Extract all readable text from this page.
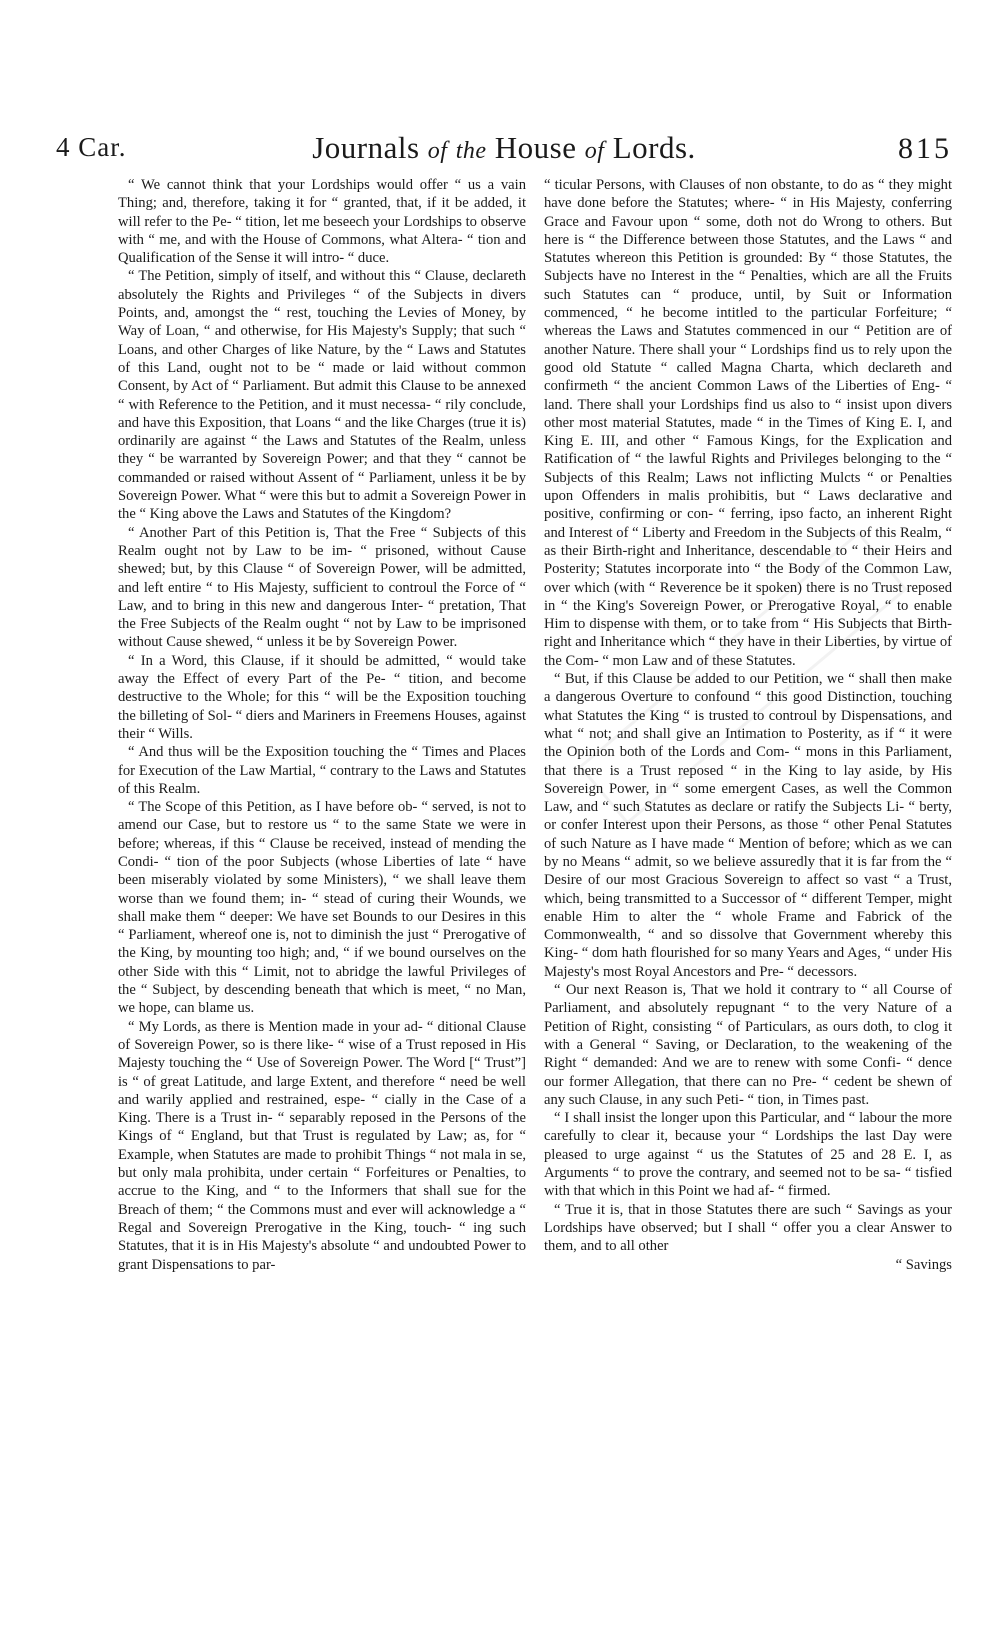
4 Car.	Journals of the House of Lords.	815

“ We cannot think that your Lordships would offer “ us a vain Thing; and, therefore, taking it for “ granted, that, if it be added, it will refer to the Pe- “ tition, let me beseech your Lordships to observe with “ me, and with the House of Commons, what Altera- “ tion and Qualification of the Sense it will intro- “ duce.

“ The Petition, simply of itself, and without this “ Clause, declareth absolutely the Rights and Privileges “ of the Subjects in divers Points, and, amongst the “ rest, touching the Levies of Money, by Way of Loan, “ and otherwise, for His Majesty's Supply; that such “ Loans, and other Charges of like Nature, by the “ Laws and Statutes of this Land, ought not to be “ made or laid without common Consent, by Act of “ Parliament. But admit this Clause to be annexed “ with Reference to the Petition, and it must necessa- “ rily conclude, and have this Exposition, that Loans “ and the like Charges (true it is) ordinarily are against “ the Laws and Statutes of the Realm, unless they “ be warranted by Sovereign Power; and that they “ cannot be commanded or raised without Assent of “ Parliament, unless it be by Sovereign Power. What “ were this but to admit a Sovereign Power in the “ King above the Laws and Statutes of the Kingdom?

“ Another Part of this Petition is, That the Free “ Subjects of this Realm ought not by Law to be im- “ prisoned, without Cause shewed; but, by this Clause “ of Sovereign Power, will be admitted, and left entire “ to His Majesty, sufficient to controul the Force of “ Law, and to bring in this new and dangerous Inter- “ pretation, That the Free Subjects of the Realm ought “ not by Law to be imprisoned without Cause shewed, “ unless it be by Sovereign Power.

“ In a Word, this Clause, if it should be admitted, “ would take away the Effect of every Part of the Pe- “ tition, and become destructive to the Whole; for this “ will be the Exposition touching the billeting of Sol- “ diers and Mariners in Freemens Houses, against their “ Wills.

“ And thus will be the Exposition touching the “ Times and Places for Execution of the Law Martial, “ contrary to the Laws and Statutes of this Realm.

“ The Scope of this Petition, as I have before ob- “ served, is not to amend our Case, but to restore us “ to the same State we were in before; whereas, if this “ Clause be received, instead of mending the Condi- “ tion of the poor Subjects (whose Liberties of late “ have been miserably violated by some Ministers), “ we shall leave them worse than we found them; in- “ stead of curing their Wounds, we shall make them “ deeper: We have set Bounds to our Desires in this “ Parliament, whereof one is, not to diminish the just “ Prerogative of the King, by mounting too high; and, “ if we bound ourselves on the other Side with this “ Limit, not to abridge the lawful Privileges of the “ Subject, by descending beneath that which is meet, “ no Man, we hope, can blame us.

“ My Lords, as there is Mention made in your ad- “ ditional Clause of Sovereign Power, so is there like- “ wise of a Trust reposed in His Majesty touching the “ Use of Sovereign Power. The Word [“ Trust”] is “ of great Latitude, and large Extent, and therefore “ need be well and warily applied and restrained, espe- “ cially in the Case of a King. There is a Trust in- “ separably reposed in the Persons of the Kings of “ England, but that Trust is regulated by Law; as, for “ Example, when Statutes are made to prohibit Things “ not mala in se, but only mala prohibita, under certain “ Forfeitures or Penalties, to accrue to the King, and “ to the Informers that shall sue for the Breach of them; “ the Commons must and ever will acknowledge a “ Regal and Sovereign Prerogative in the King, touch- “ ing such Statutes, that it is in His Majesty's absolute “ and undoubted Power to grant Dispensations to par-

“ ticular Persons, with Clauses of non obstante, to do as “ they might have done before the Statutes; where- “ in His Majesty, conferring Grace and Favour upon “ some, doth not do Wrong to others. But here is “ the Difference between those Statutes, and the Laws “ and Statutes whereon this Petition is grounded: By “ those Statutes, the Subjects have no Interest in the “ Penalties, which are all the Fruits such Statutes can “ produce, until, by Suit or Information commenced, “ he become intitled to the particular Forfeiture; “ whereas the Laws and Statutes commenced in our “ Petition are of another Nature. There shall your “ Lordships find us to rely upon the good old Statute “ called Magna Charta, which declareth and confirmeth “ the ancient Common Laws of the Liberties of Eng- “ land. There shall your Lordships find us also to “ insist upon divers other most material Statutes, made “ in the Times of King E. I, and King E. III, and other “ Famous Kings, for the Explication and Ratification of “ the lawful Rights and Privileges belonging to the “ Subjects of this Realm; Laws not inflicting Mulcts “ or Penalties upon Offenders in malis prohibitis, but “ Laws declarative and positive, confirming or con- “ ferring, ipso facto, an inherent Right and Interest of “ Liberty and Freedom in the Subjects of this Realm, “ as their Birth-right and Inheritance, descendable to “ their Heirs and Posterity; Statutes incorporate into “ the Body of the Common Law, over which (with “ Reverence be it spoken) there is no Trust reposed in “ the King's Sovereign Power, or Prerogative Royal, “ to enable Him to dispense with them, or to take from “ His Subjects that Birth-right and Inheritance which “ they have in their Liberties, by virtue of the Com- “ mon Law and of these Statutes.

“ But, if this Clause be added to our Petition, we “ shall then make a dangerous Overture to confound “ this good Distinction, touching what Statutes the King “ is trusted to controul by Dispensations, and what “ not; and shall give an Intimation to Posterity, as if “ it were the Opinion both of the Lords and Com- “ mons in this Parliament, that there is a Trust reposed “ in the King to lay aside, by His Sovereign Power, in “ some emergent Cases, as well the Common Law, and “ such Statutes as declare or ratify the Subjects Li- “ berty, or confer Interest upon their Persons, as those “ other Penal Statutes of such Nature as I have made “ Mention of before; which as we can by no Means “ admit, so we believe assuredly that it is far from the “ Desire of our most Gracious Sovereign to affect so vast “ a Trust, which, being transmitted to a Successor of “ different Temper, might enable Him to alter the “ whole Frame and Fabrick of the Commonwealth, “ and so dissolve that Government whereby this King- “ dom hath flourished for so many Years and Ages, “ under His Majesty's most Royal Ancestors and Pre- “ decessors.

“ Our next Reason is, That we hold it contrary to “ all Course of Parliament, and absolutely repugnant “ to the very Nature of a Petition of Right, consisting “ of Particulars, as ours doth, to clog it with a General “ Saving, or Declaration, to the weakening of the Right “ demanded: And we are to renew with some Confi- “ dence our former Allegation, that there can no Pre- “ cedent be shewn of any such Clause, in any such Peti- “ tion, in Times past.

“ I shall insist the longer upon this Particular, and “ labour the more carefully to clear it, because your “ Lordships the last Day were pleased to urge against “ us the Statutes of 25 and 28 E. I, as Arguments “ to prove the contrary, and seemed not to be sa- “ tisfied with that which in this Point we had af- “ firmed.

“ True it is, that in those Statutes there are such “ Savings as your Lordships have observed; but I shall “ offer you a clear Answer to them, and to all other

“ Savings
